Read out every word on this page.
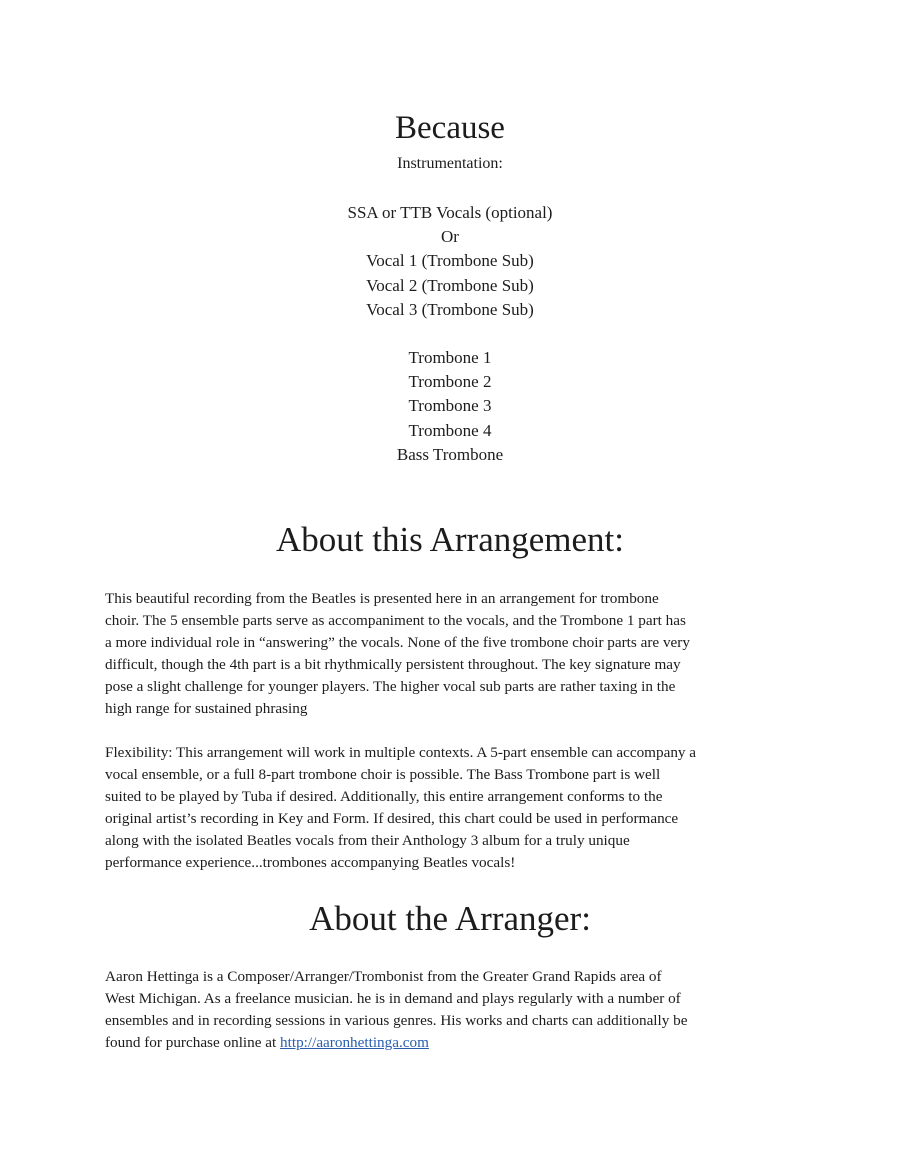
Because
Instrumentation:
SSA or TTB Vocals (optional)
Or
Vocal 1 (Trombone Sub)
Vocal 2 (Trombone Sub)
Vocal 3 (Trombone Sub)
Trombone 1
Trombone 2
Trombone 3
Trombone 4
Bass Trombone
About this Arrangement:
This beautiful recording from the Beatles is presented here in an arrangement for trombone
choir. The 5 ensemble parts serve as accompaniment to the vocals, and the Trombone 1 part has
a more individual role in “answering” the vocals. None of the five trombone choir parts are very
difficult, though the 4th part is a bit rhythmically persistent throughout. The key signature may
pose a slight challenge for younger players. The higher vocal sub parts are rather taxing in the
high range for sustained phrasing
Flexibility: This arrangement will work in multiple contexts. A 5-part ensemble can accompany a
vocal ensemble, or a full 8-part trombone choir is possible. The Bass Trombone part is well
suited to be played by Tuba if desired. Additionally, this entire arrangement conforms to the
original artist’s recording in Key and Form. If desired, this chart could be used in performance
along with the isolated Beatles vocals from their Anthology 3 album for a truly unique
performance experience...trombones accompanying Beatles vocals!
About the Arranger:
Aaron Hettinga is a Composer/Arranger/Trombonist from the Greater Grand Rapids area of
West Michigan. As a freelance musician. he is in demand and plays regularly with a number of
ensembles and in recording sessions in various genres. His works and charts can additionally be
found for purchase online at http://aaronhettinga.com
